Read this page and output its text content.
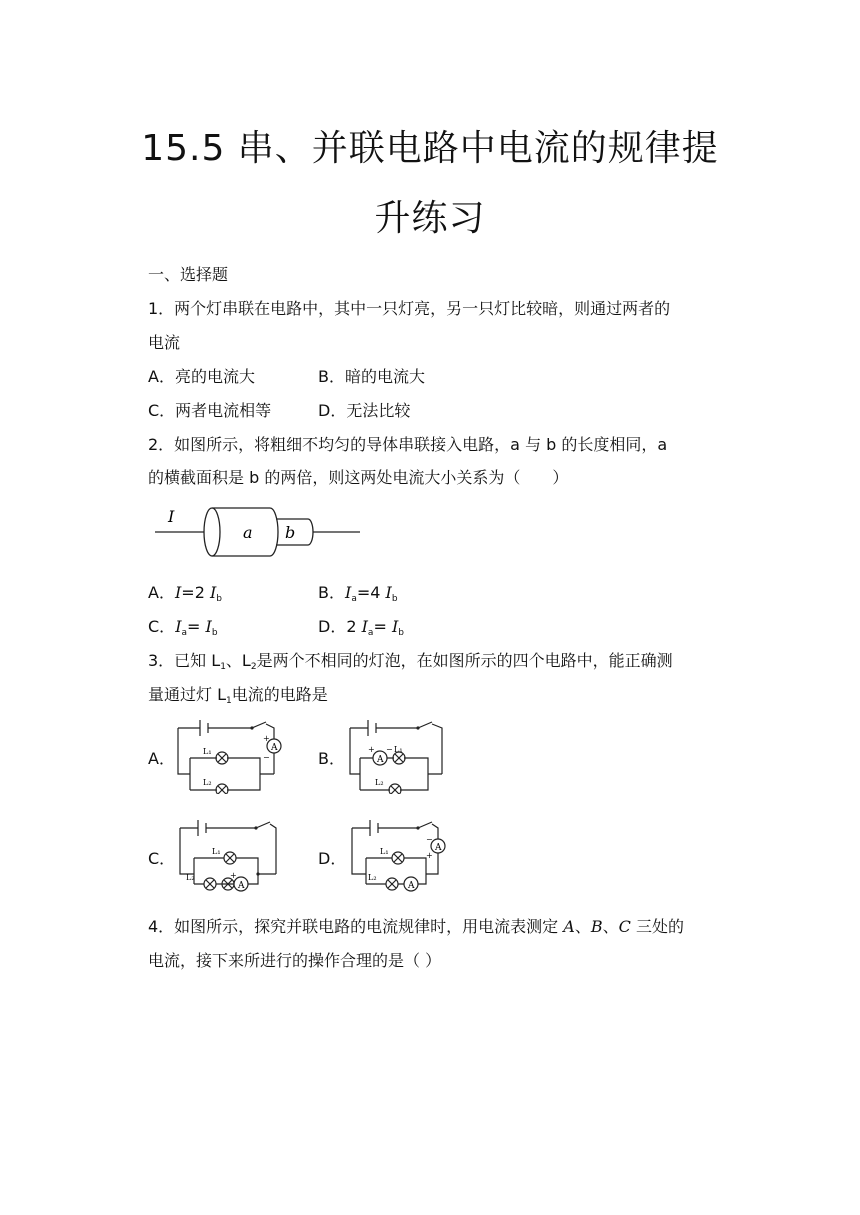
15.5 串、并联电路中电流的规律提
升练习
一、选择题
1．两个灯串联在电路中，其中一只灯亮，另一只灯比较暗，则通过两者的
电流
A．亮的电流大	B．暗的电流大
C．两者电流相等	D．无法比较
2．如图所示，将粗细不均匀的导体串联接入电路，a 与 b 的长度相同，a
的横截面积是 b 的两倍，则这两处电流大小关系为（　　）
I
a b
A．I=2 $I_b$	B．$I_a=4$ $I_b$
C．$I_a= I_b$	D．2 $I_a= I_b$
3．已知 $L_1$、$L_2$是两个不相同的灯泡，在如图所示的四个电路中，能正确测
量通过灯 $L_1$电流的电路是
A．
A
+
−
L₁
L₂
B．	A
+ − L₁
L₂
C．
A
+
L₁
L₂
D．
A
A
−
+
L₁
L₂
4．如图所示，探究并联电路的电流规律时，用电流表测定 A、B、C 三处的
电流，接下来所进行的操作合理的是（ ）
